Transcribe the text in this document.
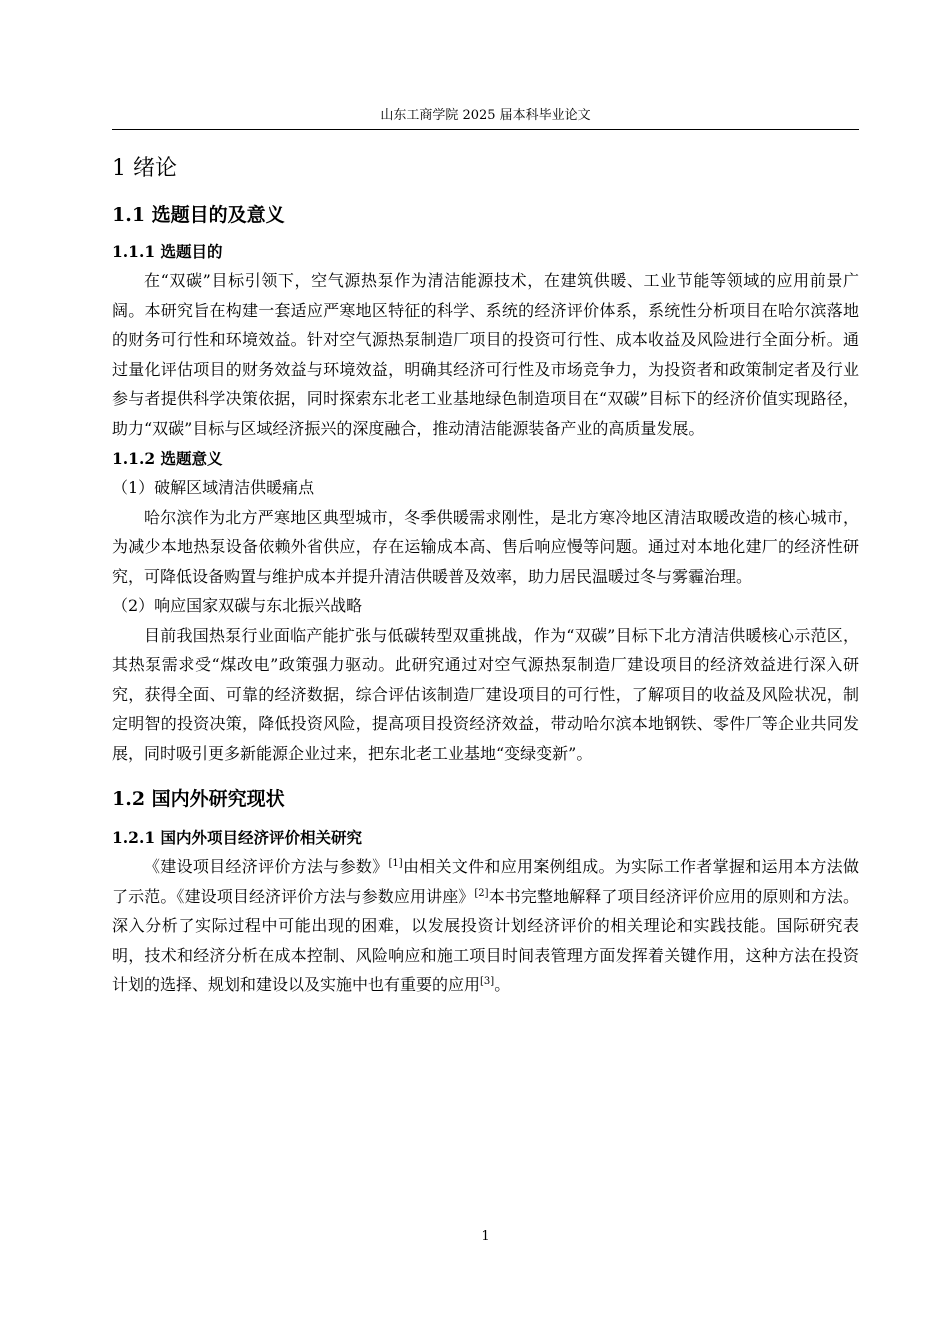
山东工商学院 2025 届本科毕业论文
1 绪论
1.1 选题目的及意义
1.1.1 选题目的

在“双碳”目标引领下，空气源热泵作为清洁能源技术，在建筑供暖、工业节能等领域的应用前景广阔。本研究旨在构建一套适应严寒地区特征的科学、系统的经济评价体系，系统性分析项目在哈尔滨落地的财务可行性和环境效益。针对空气源热泵制造厂项目的投资可行性、成本收益及风险进行全面分析。通过量化评估项目的财务效益与环境效益，明确其经济可行性及市场竞争力，为投资者和政策制定者及行业参与者提供科学决策依据，同时探索东北老工业基地绿色制造项目在“双碳”目标下的经济价值实现路径，助力“双碳”目标与区域经济振兴的深度融合，推动清洁能源装备产业的高质量发展。

1.1.2 选题意义

（1）破解区域清洁供暖痛点

哈尔滨作为北方严寒地区典型城市，冬季供暖需求刚性，是北方寒冷地区清洁取暖改造的核心城市，为减少本地热泵设备依赖外省供应，存在运输成本高、售后响应慢等问题。通过对本地化建厂的经济性研究，可降低设备购置与维护成本并提升清洁供暖普及效率，助力居民温暖过冬与雾霾治理。

（2）响应国家双碳与东北振兴战略

目前我国热泵行业面临产能扩张与低碳转型双重挑战，作为“双碳”目标下北方清洁供暖核心示范区，其热泵需求受“煤改电”政策强力驱动。此研究通过对空气源热泵制造厂建设项目的经济效益进行深入研究，获得全面、可靠的经济数据，综合评估该制造厂建设项目的可行性，了解项目的收益及风险状况，制定明智的投资决策，降低投资风险，提高项目投资经济效益，带动哈尔滨本地钢铁、零件厂等企业共同发展，同时吸引更多新能源企业过来，把东北老工业基地“变绿变新”。

1.2 国内外研究现状
1.2.1 国内外项目经济评价相关研究

《建设项目经济评价方法与参数》[1]由相关文件和应用案例组成。为实际工作者掌握和运用本方法做了示范。《建设项目经济评价方法与参数应用讲座》[2]本书完整地解释了项目经济评价应用的原则和方法。深入分析了实际过程中可能出现的困难，以发展投资计划经济评价的相关理论和实践技能。国际研究表明，技术和经济分析在成本控制、风险响应和施工项目时间表管理方面发挥着关键作用，这种方法在投资计划的选择、规划和建设以及实施中也有重要的应用[3]。

1
